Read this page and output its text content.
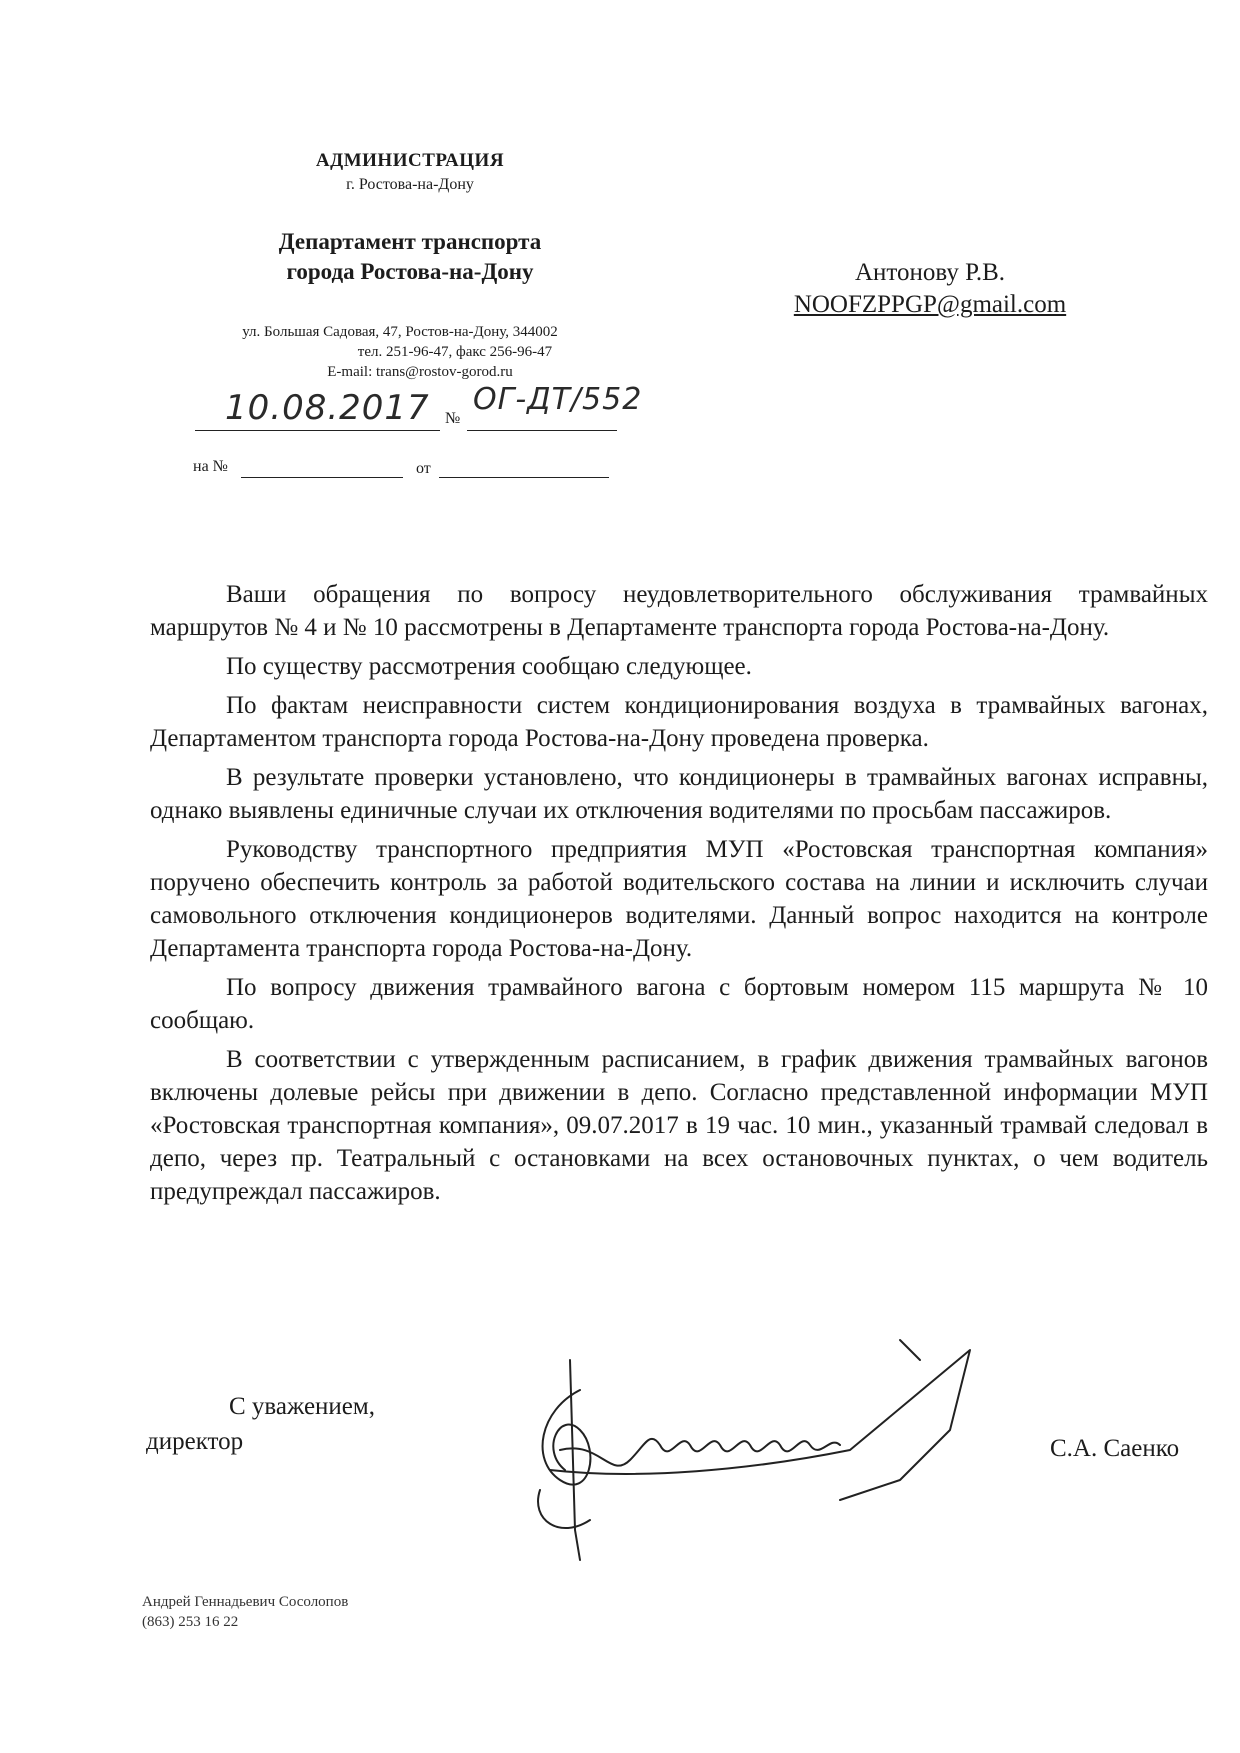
АДМИНИСТРАЦИЯ
г. Ростова-на-Дону
Департамент транспорта
города Ростова-на-Дону
ул. Большая Садовая, 47, Ростов-на-Дону, 344002
тел. 251-96-47, факс 256-96-47
E-mail: trans@rostov-gorod.ru
Антонову Р.В.
NOOFZPPGP@gmail.com
10.08.2017 №
ОГ-ДТ/552
на №	от

Ваши обращения по вопросу неудовлетворительного обслуживания трамвайных маршрутов № 4 и № 10 рассмотрены в Департаменте транспорта города Ростова-на-Дону.

По существу рассмотрения сообщаю следующее.

По фактам неисправности систем кондиционирования воздуха в трамвайных вагонах, Департаментом транспорта города Ростова-на-Дону проведена проверка.

В результате проверки установлено, что кондиционеры в трамвайных вагонах исправны, однако выявлены единичные случаи их отключения водителями по просьбам пассажиров.

Руководству транспортного предприятия МУП «Ростовская транспортная компания» поручено обеспечить контроль за работой водительского состава на линии и исключить случаи самовольного отключения кондиционеров водителями. Данный вопрос находится на контроле Департамента транспорта города Ростова-на-Дону.

По вопросу движения трамвайного вагона с бортовым номером 115 маршрута № 10 сообщаю.

В соответствии с утвержденным расписанием, в график движения трамвайных вагонов включены долевые рейсы при движении в депо. Согласно представленной информации МУП «Ростовская транспортная компания», 09.07.2017 в 19 час. 10 мин., указанный трамвай следовал в депо, через пр. Театральный с остановками на всех остановочных пунктах, о чем водитель предупреждал пассажиров.

С уважением,
директор	С.А. Саенко
Андрей Геннадьевич Сосолопов
(863) 253 16 22
